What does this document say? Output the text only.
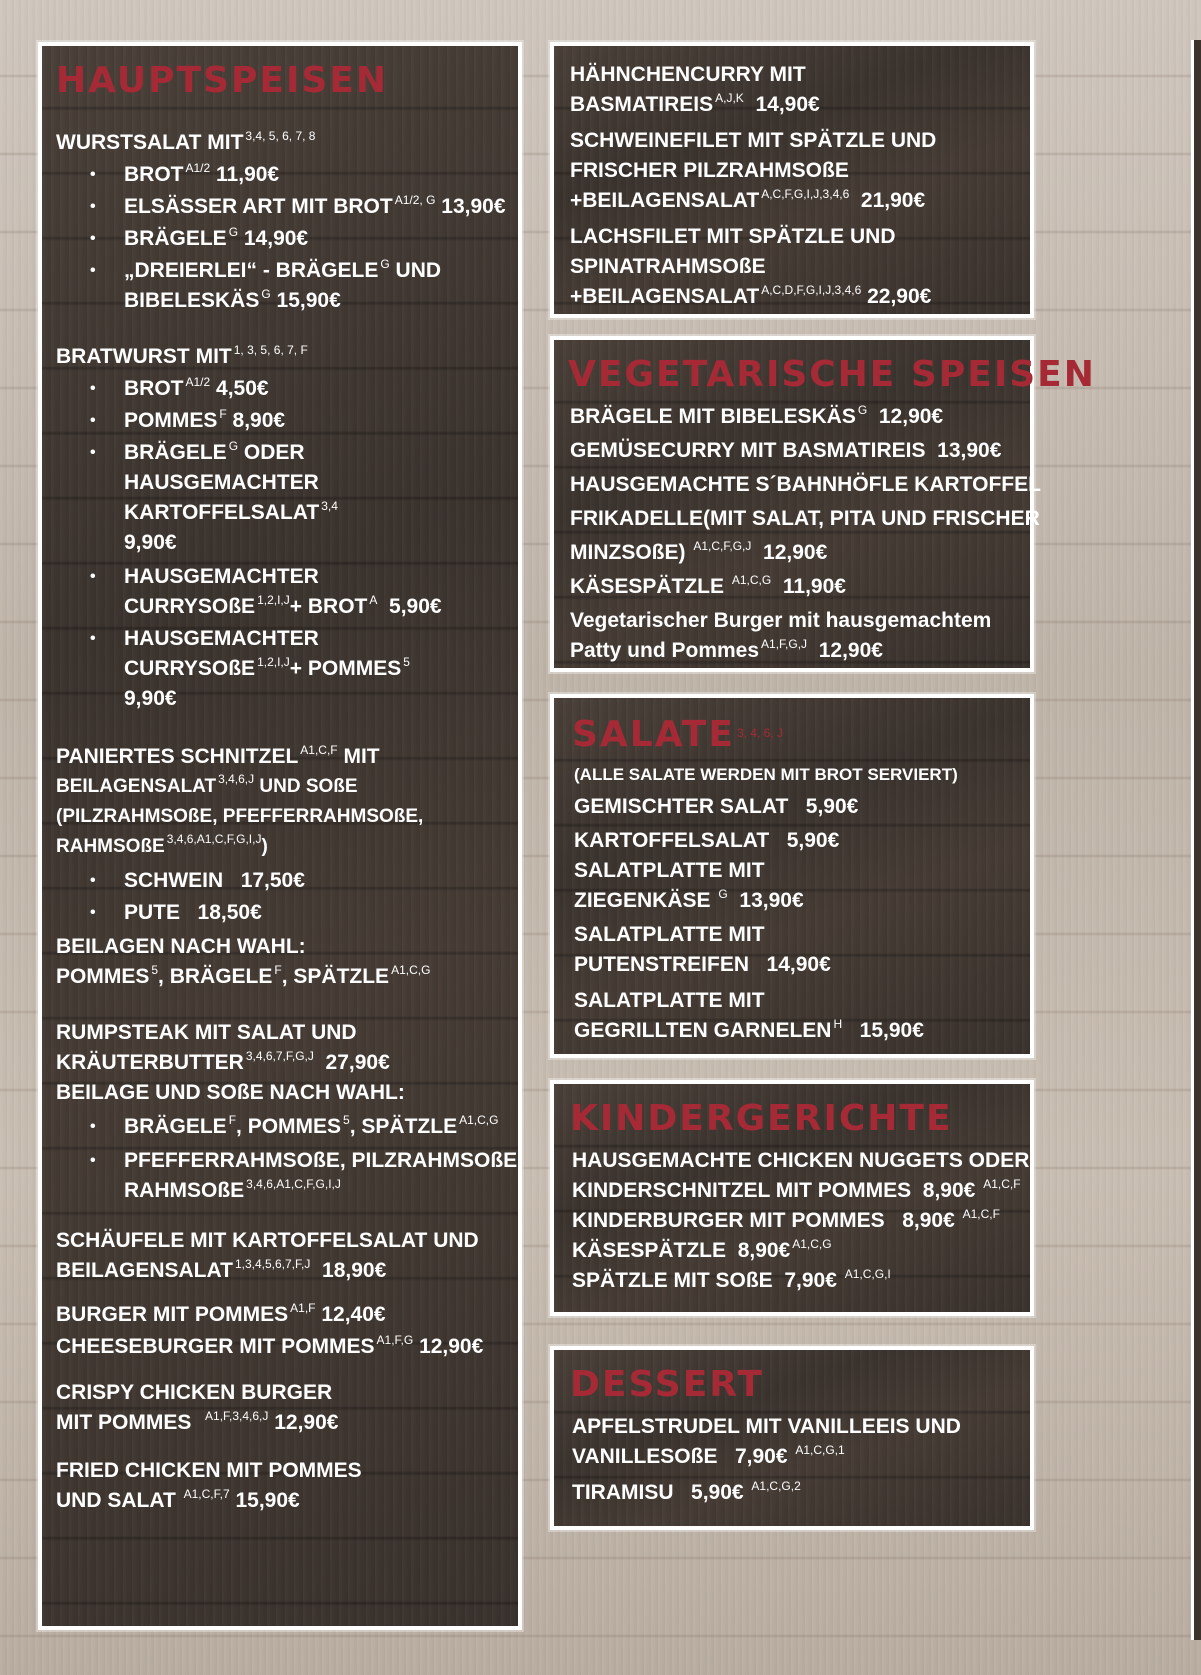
HAUPTSPEISEN
WURSTSALAT MIT $^{3,4, 5, 6, 7, 8}$
• BROT $^{A1/2}$ 11,90€
• ELSÄSSER ART MIT BROT $^{A1/2, G}$ 13,90€
• BRÄGELE $^G$ 14,90€
• „DREIERLEI“ - BRÄGELE $^G$ UND
BIBELESKÄS $^G$ 15,90€
BRATWURST MIT $^{1, 3, 5, 6, 7, F}$
• BROT $^{A1/2}$ 4,50€
• POMMES $^F$ 8,90€
• BRÄGELE $^G$ ODER
HAUSGEMACHTER
KARTOFFELSALAT $^{3,4}$
9,90€
• HAUSGEMACHTER
CURRYSOßE $^{1,2,I,J}$+ BROT $^A$ 5,90€
• HAUSGEMACHTER
CURRYSOßE $^{1,2,I,J}$+ POMMES $^5$
9,90€
PANIERTES SCHNITZEL $^{A1,C,F}$ MIT
BEILAGENSALAT $^{3,4,6,J}$ UND SOßE
(PILZRAHMSOßE, PFEFFERRAHMSOßE,
RAHMSOßE $^{3,4,6,A1,C,F,G,I,J}$)
• SCHWEIN 17,50€
• PUTE 18,50€
BEILAGEN NACH WAHL:
POMMES $^5$, BRÄGELE $^F$, SPÄTZLE $^{A1,C,G}$
RUMPSTEAK MIT SALAT UND
KRÄUTERBUTTER $^{3,4,6,7,F,G,J}$ 27,90€
BEILAGE UND SOßE NACH WAHL:
• BRÄGELE $^F$, POMMES $^5$, SPÄTZLE $^{A1,C,G}$
• PFEFFERRAHMSOßE, PILZRAHMSOßE,
RAHMSOßE $^{3,4,6,A1,C,F,G,I,J}$
SCHÄUFELE MIT KARTOFFELSALAT UND
BEILAGENSALAT $^{1,3,4,5,6,7,F,J}$ 18,90€
BURGER MIT POMMES $^{A1,F}$ 12,40€
CHEESEBURGER MIT POMMES $^{A1,F,G}$ 12,90€
CRISPY CHICKEN BURGER
MIT POMMES $^{A1,F,3,4,6,J}$ 12,90€
FRIED CHICKEN MIT POMMES
UND SALAT $^{A1,C,F,7}$ 15,90€
HÄHNCHENCURRY MIT
BASMATIREIS $^{A,J,K}$ 14,90€
SCHWEINEFILET MIT SPÄTZLE UND
FRISCHER PILZRAHMSOßE
+BEILAGENSALAT $^{A,C,F,G,I,J,3,4,6}$ 21,90€
LACHSFILET MIT SPÄTZLE UND
SPINATRAHMSOßE
+BEILAGENSALAT $^{A,C,D,F,G,I,J,3,4,6}$ 22,90€
VEGETARISCHE SPEISEN
BRÄGELE MIT BIBELESKÄS $^G$ 12,90€
GEMÜSECURRY MIT BASMATIREIS 13,90€
HAUSGEMACHTE S´BAHNHÖFLE KARTOFFEL
FRIKADELLE(MIT SALAT, PITA UND FRISCHER
MINZSOßE) $^{A1,C,F,G,J}$ 12,90€
KÄSESPÄTZLE $^{A1,C,G}$ 11,90€
Vegetarischer Burger mit hausgemachtem
Patty und Pommes $^{A1,F,G,J}$ 12,90€
SALATE $^{3, 4, 6, J}$
(ALLE SALATE WERDEN MIT BROT SERVIERT)
GEMISCHTER SALAT 5,90€
KARTOFFELSALAT 5,90€
SALATPLATTE MIT
ZIEGENKÄSE $^G$ 13,90€
SALATPLATTE MIT
PUTENSTREIFEN 14,90€
SALATPLATTE MIT
GEGRILLTEN GARNELEN $^H$ 15,90€
KINDERGERICHTE
HAUSGEMACHTE CHICKEN NUGGETS ODER
KINDERSCHNITZEL MIT POMMES 8,90€ $^{A1,C,F}$
KINDERBURGER MIT POMMES 8,90€ $^{A1,C,F}$
KÄSESPÄTZLE 8,90€ $^{A1,C,G}$
SPÄTZLE MIT SOßE 7,90€ $^{A1,C,G,I}$
DESSERT
APFELSTRUDEL MIT VANILLEEIS UND
VANILLESOßE 7,90€ $^{A1,C,G,1}$
TIRAMISU 5,90€ $^{A1,C,G,2}$
